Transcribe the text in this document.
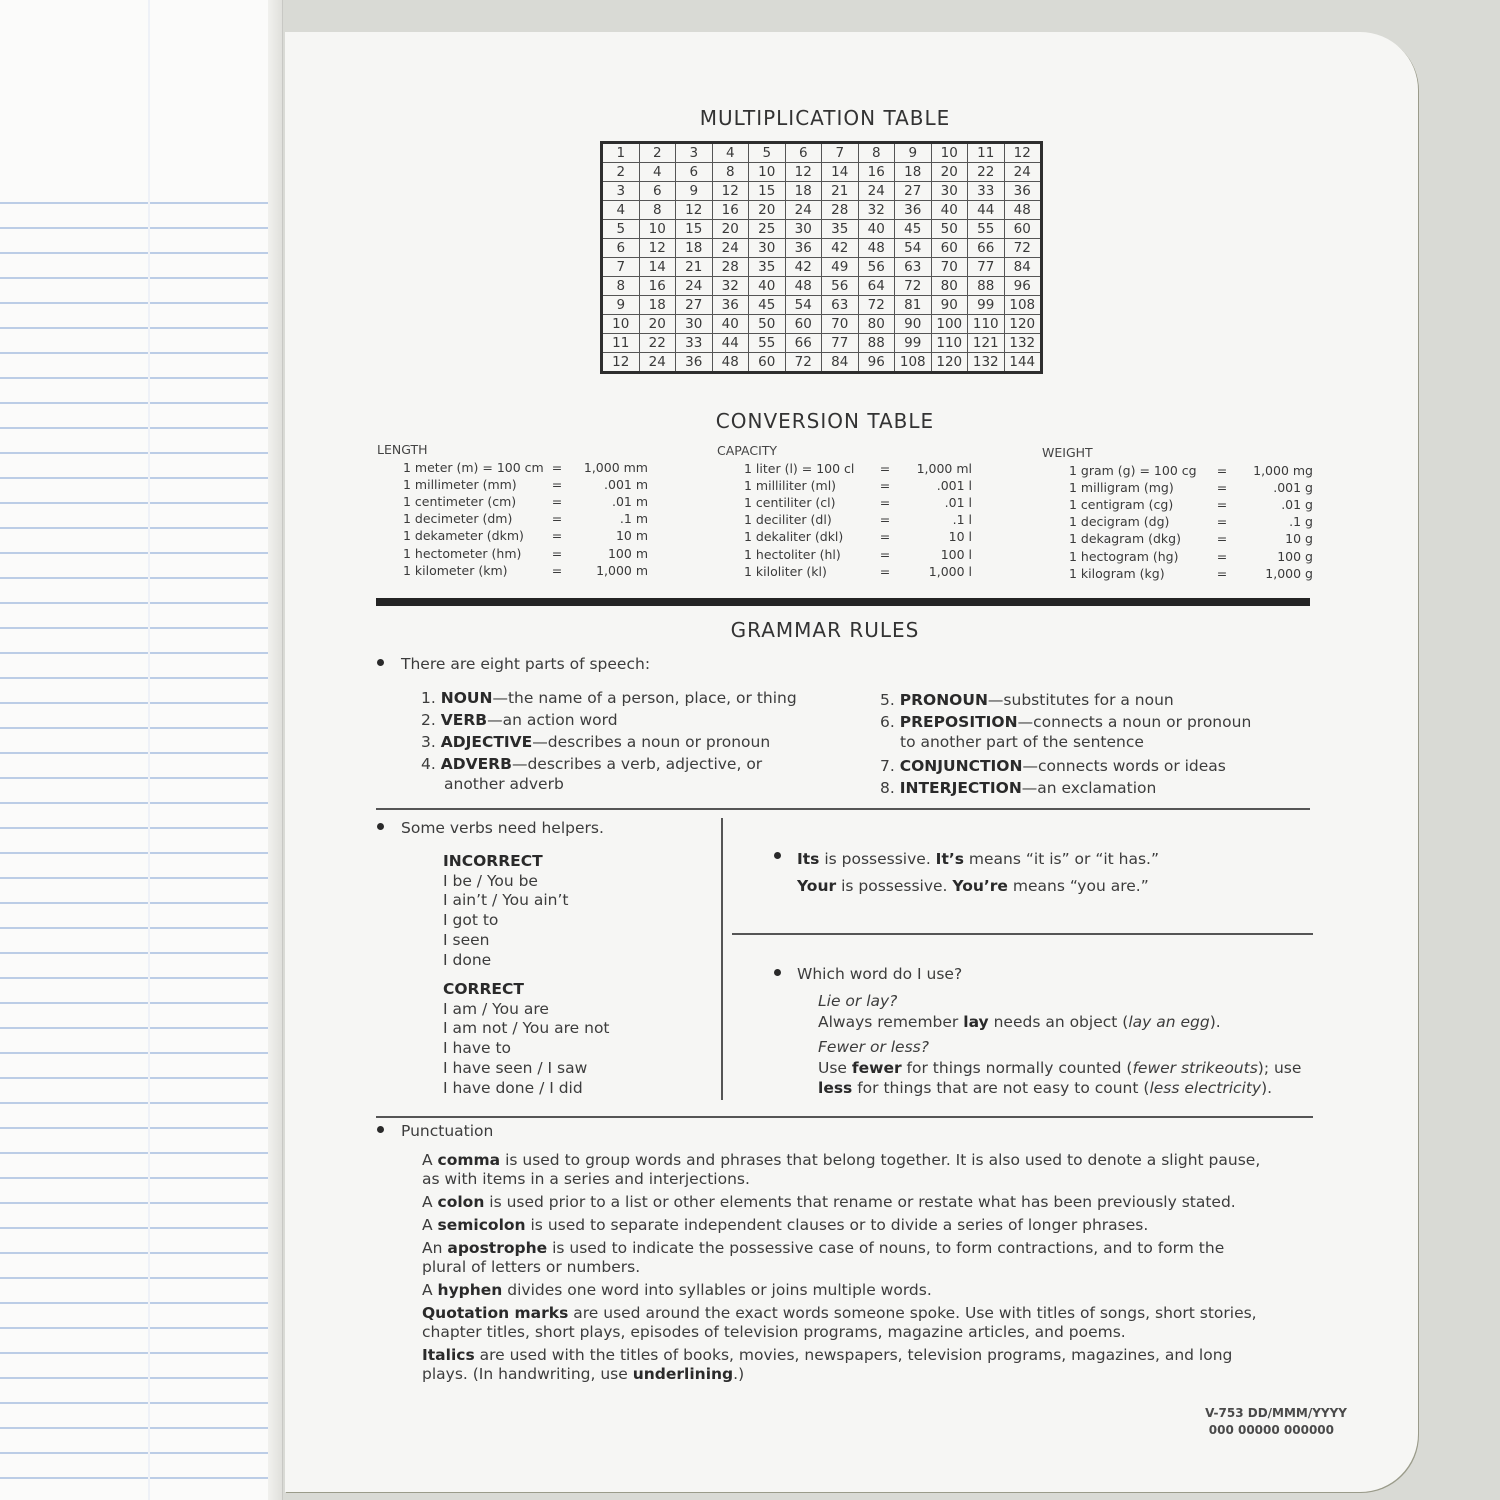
MULTIPLICATION TABLE
1	2	3	4	5	6	7	8	9	10	11	12
2	4	6	8	10	12	14	16	18	20	22	24
3	6	9	12	15	18	21	24	27	30	33	36
4	8	12	16	20	24	28	32	36	40	44	48
5	10	15	20	25	30	35	40	45	50	55	60
6	12	18	24	30	36	42	48	54	60	66	72
7	14	21	28	35	42	49	56	63	70	77	84
8	16	24	32	40	48	56	64	72	80	88	96
9	18	27	36	45	54	63	72	81	90	99	108
10	20	30	40	50	60	70	80	90	100	110	120
11	22	33	44	55	66	77	88	99	110	121	132
12	24	36	48	60	72	84	96	108	120	132	144
CONVERSION TABLE
LENGTH
1 meter (m) = 100 cm	=	1,000 mm
1 millimeter (mm)	=	.001 m
1 centimeter (cm)	=	.01 m
1 decimeter (dm)	=	.1 m
1 dekameter (dkm)	=	10 m
1 hectometer (hm)	=	100 m
1 kilometer (km)	=	1,000 m
CAPACITY
1 liter (l) = 100 cl	=	1,000 ml
1 milliliter (ml)	=	.001 l
1 centiliter (cl)	=	.01 l
1 deciliter (dl)	=	.1 l
1 dekaliter (dkl)	=	10 l
1 hectoliter (hl)	=	100 l
1 kiloliter (kl)	=	1,000 l
WEIGHT
1 gram (g) = 100 cg	=	1,000 mg
1 milligram (mg)	=	.001 g
1 centigram (cg)	=	.01 g
1 decigram (dg)	=	.1 g
1 dekagram (dkg)	=	10 g
1 hectogram (hg)	=	100 g
1 kilogram (kg)	=	1,000 g
GRAMMAR RULES
There are eight parts of speech:
1. NOUN—the name of a person, place, or thing
2. VERB—an action word
3. ADJECTIVE—describes a noun or pronoun
4. ADVERB—describes a verb, adjective, or
another adverb
5. PRONOUN—substitutes for a noun
6. PREPOSITION—connects a noun or pronoun
to another part of the sentence
7. CONJUNCTION—connects words or ideas
8. INTERJECTION—an exclamation
Some verbs need helpers.
INCORRECT
I be / You be
I ain’t / You ain’t
I got to
I seen
I done
CORRECT
I am / You are
I am not / You are not
I have to
I have seen / I saw
I have done / I did
Its is possessive. It’s means “it is” or “it has.”
Your is possessive. You’re means “you are.”
Which word do I use?
Lie or lay?
Always remember lay needs an object (lay an egg).
Fewer or less?
Use fewer for things normally counted (fewer strikeouts); use
less for things that are not easy to count (less electricity).
Punctuation

A comma is used to group words and phrases that belong together. It is also used to denote a slight pause, as with items in a series and interjections.

A colon is used prior to a list or other elements that rename or restate what has been previously stated.

A semicolon is used to separate independent clauses or to divide a series of longer phrases.

An apostrophe is used to indicate the possessive case of nouns, to form contractions, and to form the plural of letters or numbers.

A hyphen divides one word into syllables or joins multiple words.

Quotation marks are used around the exact words someone spoke. Use with titles of songs, short stories, chapter titles, short plays, episodes of television programs, magazine articles, and poems.

Italics are used with the titles of books, movies, newspapers, television programs, magazines, and long plays. (In handwriting, use underlining.)

V-753 DD/MMM/YYYY
000 00000 000000
